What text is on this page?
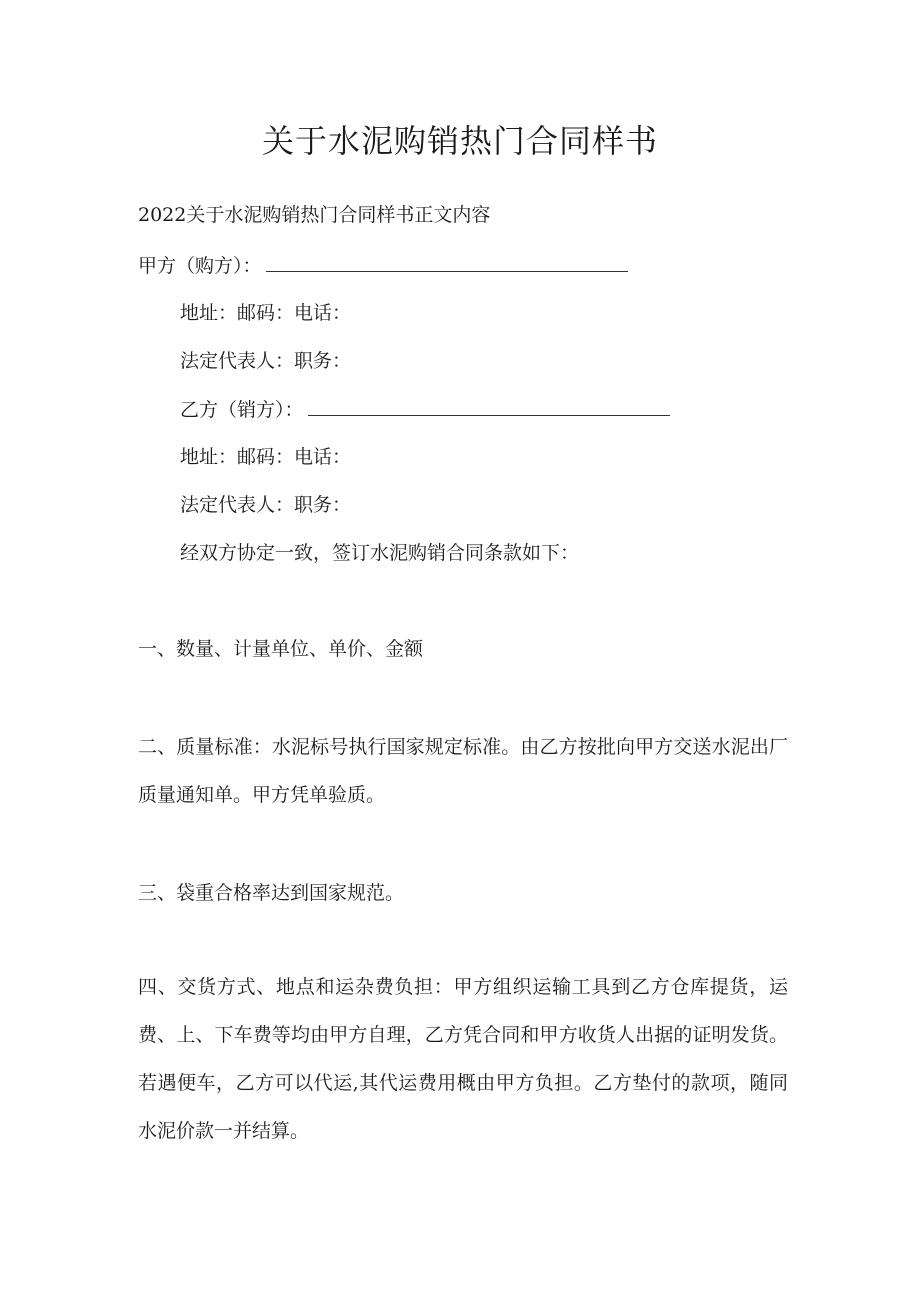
关于水泥购销热门合同样书
2022关于水泥购销热门合同样书正文内容
甲方（购方）：
地址：邮码：电话：
法定代表人：职务：
乙方（销方）：
地址：邮码：电话：
法定代表人：职务：
经双方协定一致，签订水泥购销合同条款如下：
一、数量、计量单位、单价、金额
二、质量标准：水泥标号执行国家规定标准。由乙方按批向甲方交送水泥出厂质量通知单。甲方凭单验质。
三、袋重合格率达到国家规范。
四、交货方式、地点和运杂费负担：甲方组织运输工具到乙方仓库提货，运费、上、下车费等均由甲方自理，乙方凭合同和甲方收货人出据的证明发货。若遇便车，乙方可以代运,其代运费用概由甲方负担。乙方垫付的款项，随同水泥价款一并结算。
